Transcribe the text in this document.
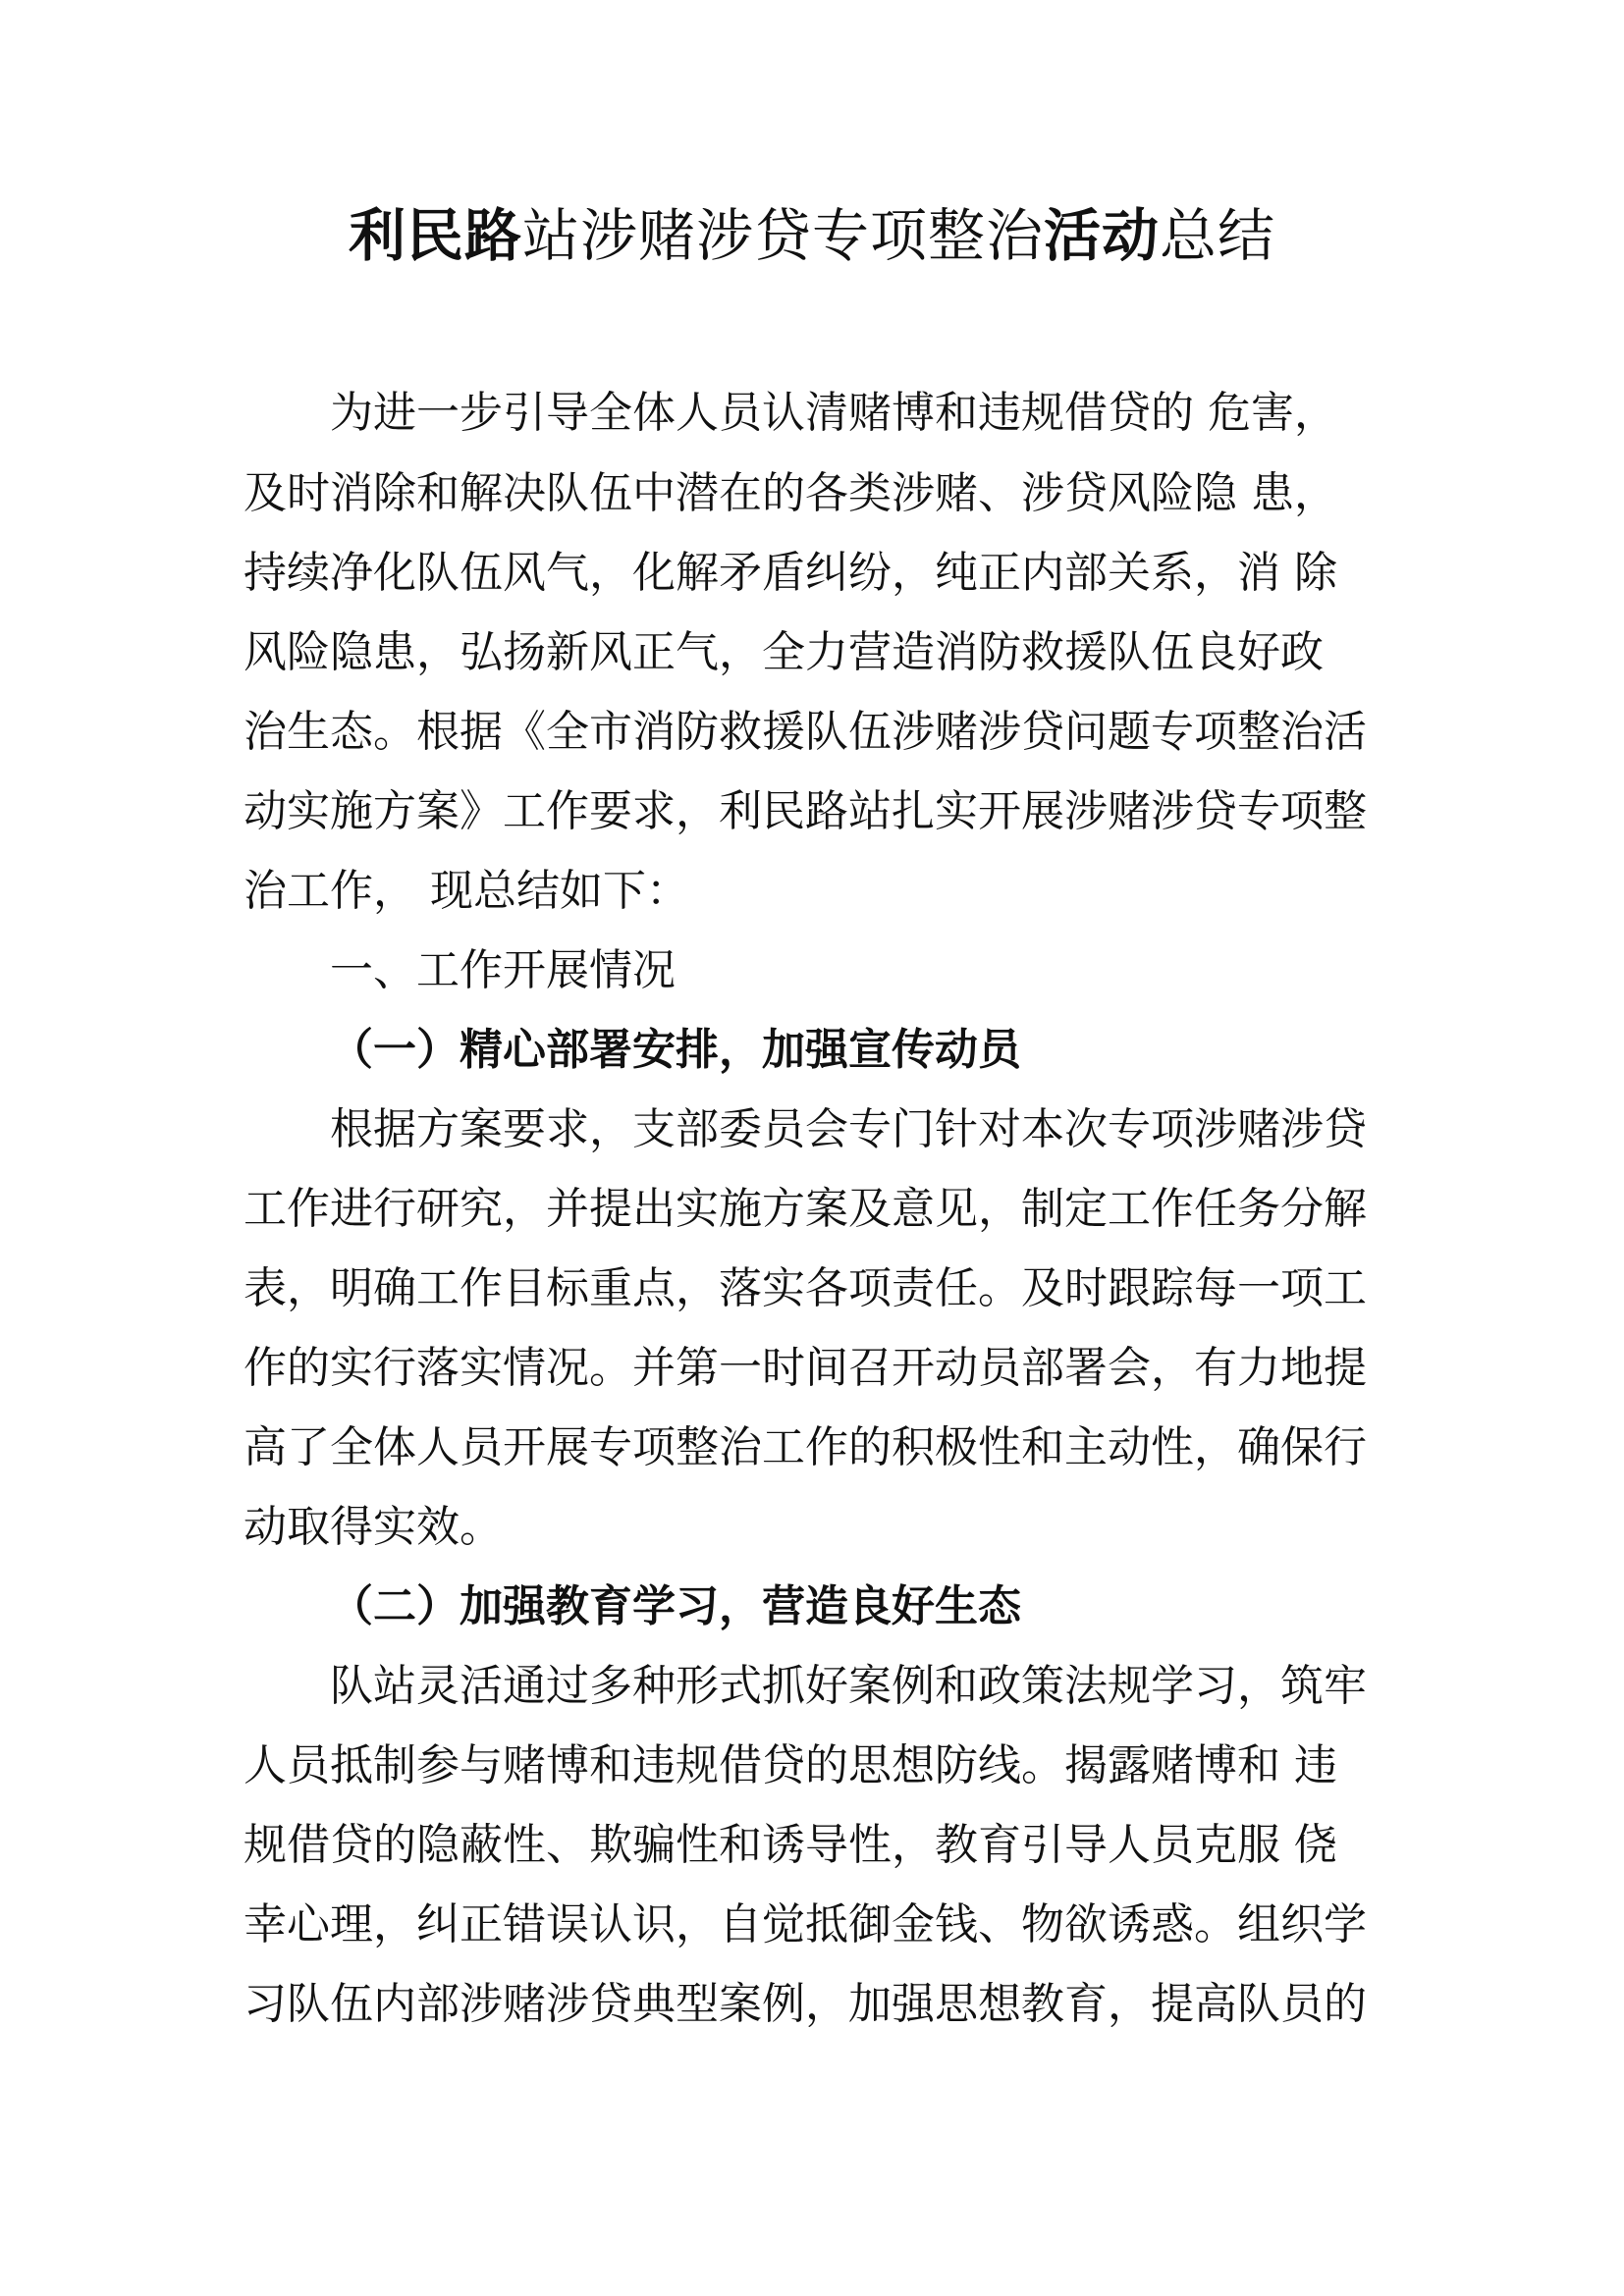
利民路站涉赌涉贷专项整治活动总结
为进一步引导全体人员认清赌博和违规借贷的 危害，
及时消除和解决队伍中潜在的各类涉赌、涉贷风险隐 患，
持续净化队伍风气，化解矛盾纠纷，纯正内部关系，消 除
风险隐患，弘扬新风正气，全力营造消防救援队伍良好政
治生态。根据《全市消防救援队伍涉赌涉贷问题专项整治活
动实施方案》工作要求，利民路站扎实开展涉赌涉贷专项整
治工作， 现总结如下：
一、工作开展情况
（一）精心部署安排，加强宣传动员
根据方案要求，支部委员会专门针对本次专项涉赌涉贷
工作进行研究，并提出实施方案及意见，制定工作任务分解
表，明确工作目标重点，落实各项责任。及时跟踪每一项工
作的实行落实情况。并第一时间召开动员部署会，有力地提
高了全体人员开展专项整治工作的积极性和主动性，确保行
动取得实效。
（二）加强教育学习，营造良好生态
队站灵活通过多种形式抓好案例和政策法规学习，筑牢
人员抵制参与赌博和违规借贷的思想防线。揭露赌博和 违
规借贷的隐蔽性、欺骗性和诱导性，教育引导人员克服 侥
幸心理，纠正错误认识，自觉抵御金钱、物欲诱惑。组织学
习队伍内部涉赌涉贷典型案例，加强思想教育，提高队员的
